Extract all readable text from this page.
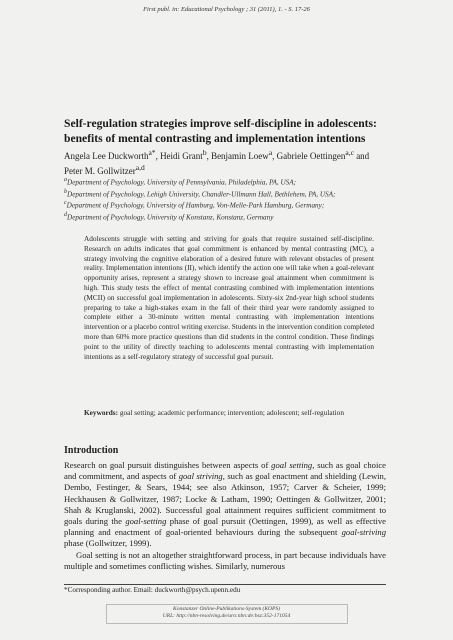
First publ. in: Educational Psychology ; 31 (2011), 1. - S. 17-26
Self-regulation strategies improve self-discipline in adolescents:
benefits of mental contrasting and implementation intentions
Angela Lee Duckworth$^{a*}$, Heidi Grant$^b$, Benjamin Loew$^a$, Gabriele Oettingen$^{a,c}$ and
Peter M. Gollwitzer$^{a,d}$
$^a$Department of Psychology, University of Pennsylvania, Philadelphia, PA, USA;
$^b$Department of Psychology, Lehigh University, Chandler-Ullmann Hall, Bethlehem, PA, USA;
$^c$Department of Psychology, University of Hamburg, Von-Melle-Park Hamburg, Germany;
$^d$Department of Psychology, University of Konstanz, Konstanz, Germany
Adolescents struggle with setting and striving for goals that require sustained self-discipline. Research on adults indicates that goal commitment is enhanced by mental contrasting (MC), a strategy involving the cognitive elaboration of a desired future with relevant obstacles of present reality. Implementation intentions (II), which identify the action one will take when a goal-relevant opportunity arises, represent a strategy shown to increase goal attainment when commitment is high. This study tests the effect of mental contrasting combined with implementation intentions (MCII) on successful goal implementation in adolescents. Sixty-six 2nd-year high school students preparing to take a high-stakes exam in the fall of their third year were randomly assigned to complete either a 30-minute written mental contrasting with implementation intentions intervention or a placebo control writing exercise. Students in the intervention condition completed more than 60% more practice questions than did students in the control condition. These findings point to the utility of directly teaching to adolescents mental contrasting with implementation intentions as a self-regulatory strategy of successful goal pursuit.
Keywords: goal setting; academic performance; intervention; adolescent; self-regulation
Introduction

Research on goal pursuit distinguishes between aspects of goal setting, such as goal choice and commitment, and aspects of goal striving, such as goal enactment and shielding (Lewin, Dembo, Festinger, & Sears, 1944; see also Atkinson, 1957; Carver & Scheier, 1999; Heckhausen & Gollwitzer, 1987; Locke & Latham, 1990; Oettingen & Gollwitzer, 2001; Shah & Kruglanski, 2002). Successful goal attainment requires sufficient commitment to goals during the goal-setting phase of goal pursuit (Oettingen, 1999), as well as effective planning and enactment of goal-oriented behaviours during the subsequent goal-striving phase (Gollwitzer, 1999).

Goal setting is not an altogether straightforward process, in part because individuals have multiple and sometimes conflicting wishes. Similarly, numerous

*Corresponding author. Email: duckworth@psych.upenn.edu
Konstanzer Online-Publikations-System (KOPS)
URL: http://nbn-resolving.de/urn:nbn:de:bsz:352-171054
